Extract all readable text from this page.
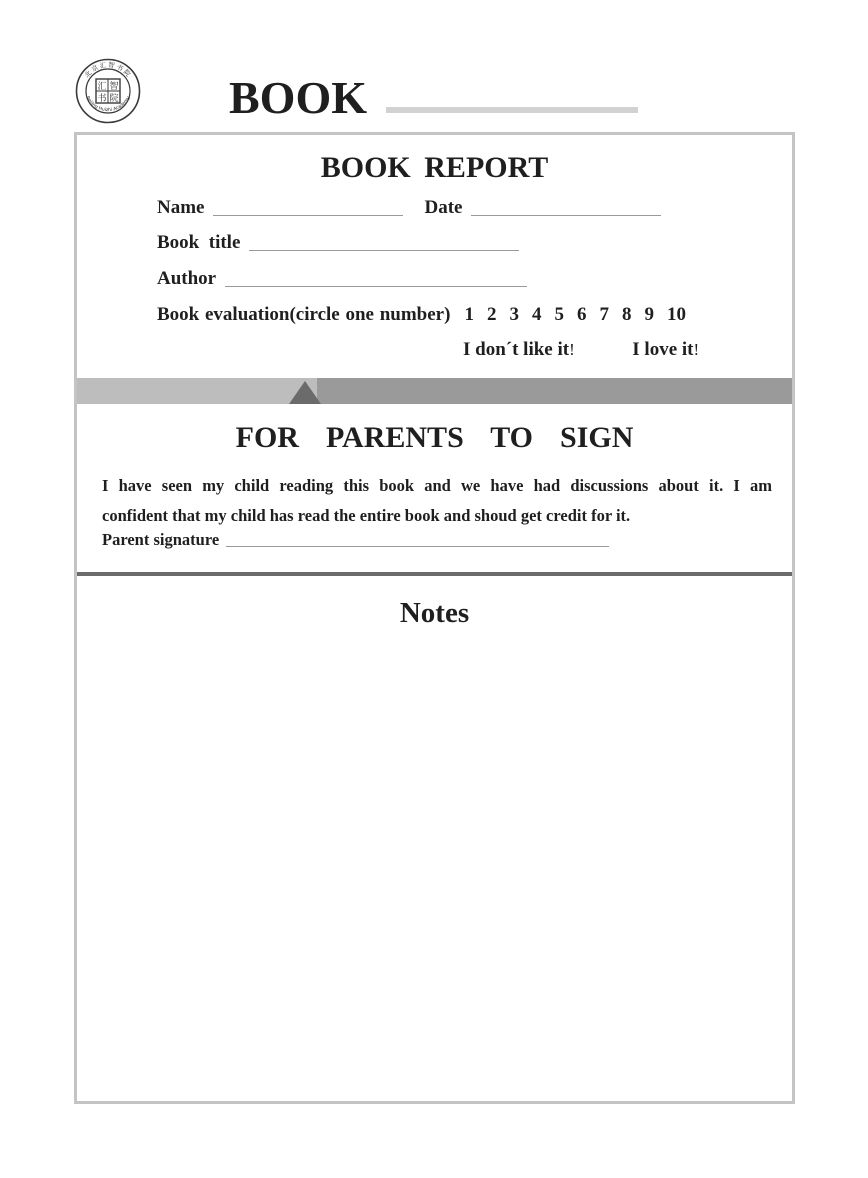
汇 智
书 院
北京汇智书院
Beijing Huizhi Academy BOOK
BOOK REPORT
Name	Date
Book  title
Author
Book evaluation(circle one number) 1 2 3 4 5 6 7 8 9 10
I don´t like it!	I love it!
FOR  PARENTS  TO  SIGN
I have seen my child reading this book and we have had discussions about it. I am
confident that my child has read the entire book and shoud get credit for it.
Parent signature
Notes
